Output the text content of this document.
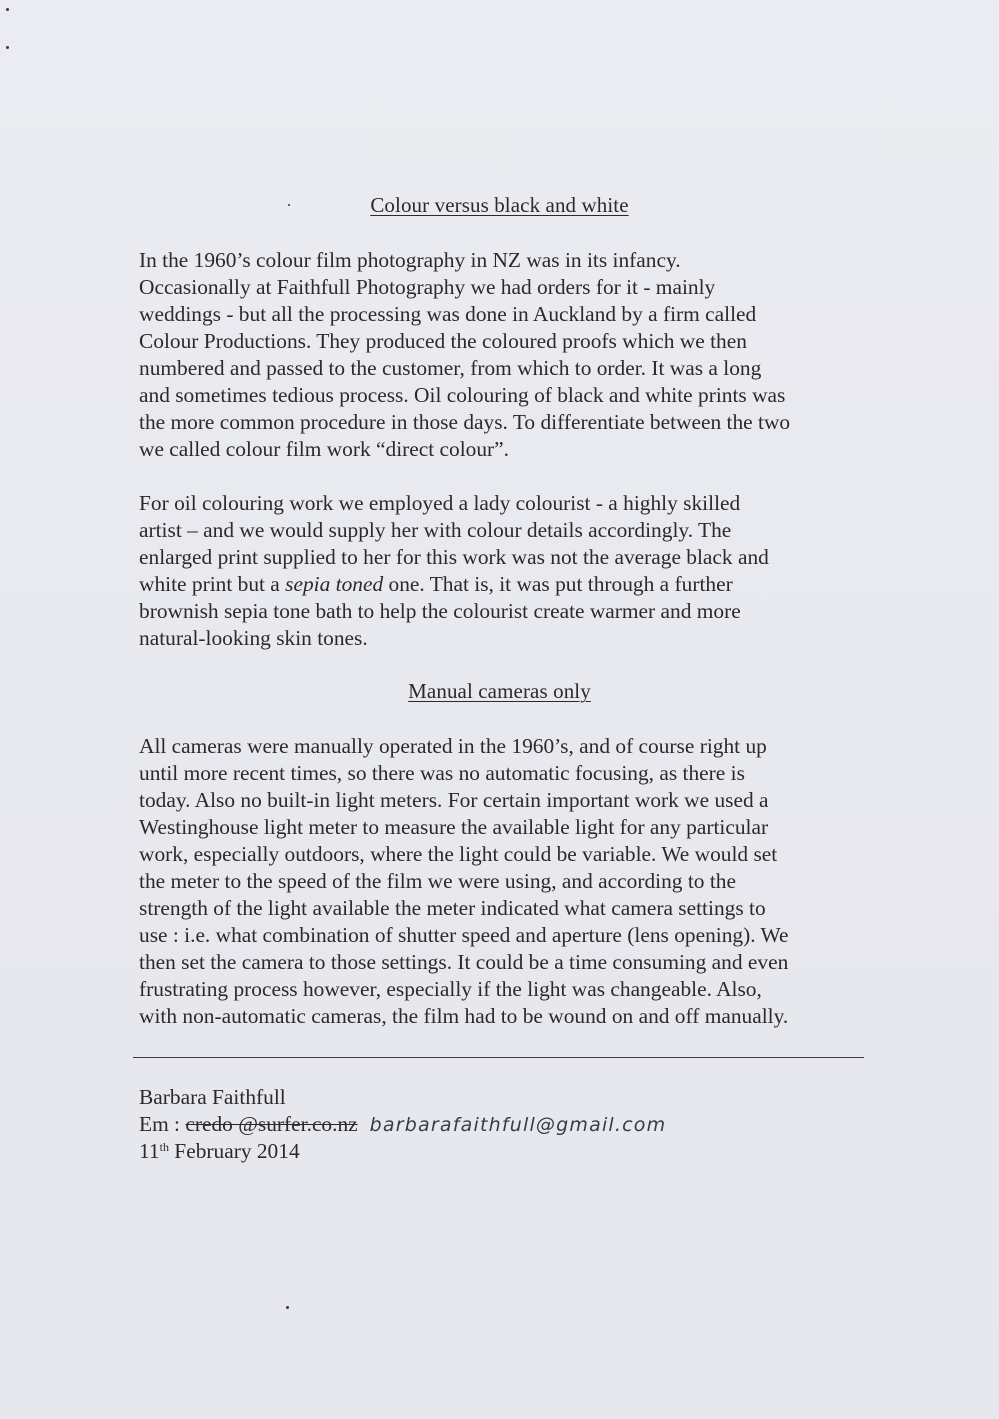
Colour versus black and white

In the 1960’s colour film photography in NZ was in its infancy.
Occasionally at Faithfull Photography we had orders for it - mainly
weddings - but all the processing was done in Auckland by a firm called
Colour Productions. They produced the coloured proofs which we then
numbered and passed to the customer, from which to order. It was a long
and sometimes tedious process. Oil colouring of black and white prints was
the more common procedure in those days. To differentiate between the two
we called colour film work “direct colour”.

For oil colouring work we employed a lady colourist - a highly skilled
artist – and we would supply her with colour details accordingly. The
enlarged print supplied to her for this work was not the average black and
white print but a sepia toned one. That is, it was put through a further
brownish sepia tone bath to help the colourist create warmer and more
natural-looking skin tones.

Manual cameras only

All cameras were manually operated in the 1960’s, and of course right up
until more recent times, so there was no automatic focusing, as there is
today. Also no built-in light meters. For certain important work we used a
Westinghouse light meter to measure the available light for any particular
work, especially outdoors, where the light could be variable. We would set
the meter to the speed of the film we were using, and according to the
strength of the light available the meter indicated what camera settings to
use : i.e. what combination of shutter speed and aperture (lens opening). We
then set the camera to those settings. It could be a time consuming and even
frustrating process however, especially if the light was changeable. Also,
with non-automatic cameras, the film had to be wound on and off manually.

Barbara Faithfull
Em : credo @surfer.co.nz barbarafaithfull@gmail.com
11th February 2014
